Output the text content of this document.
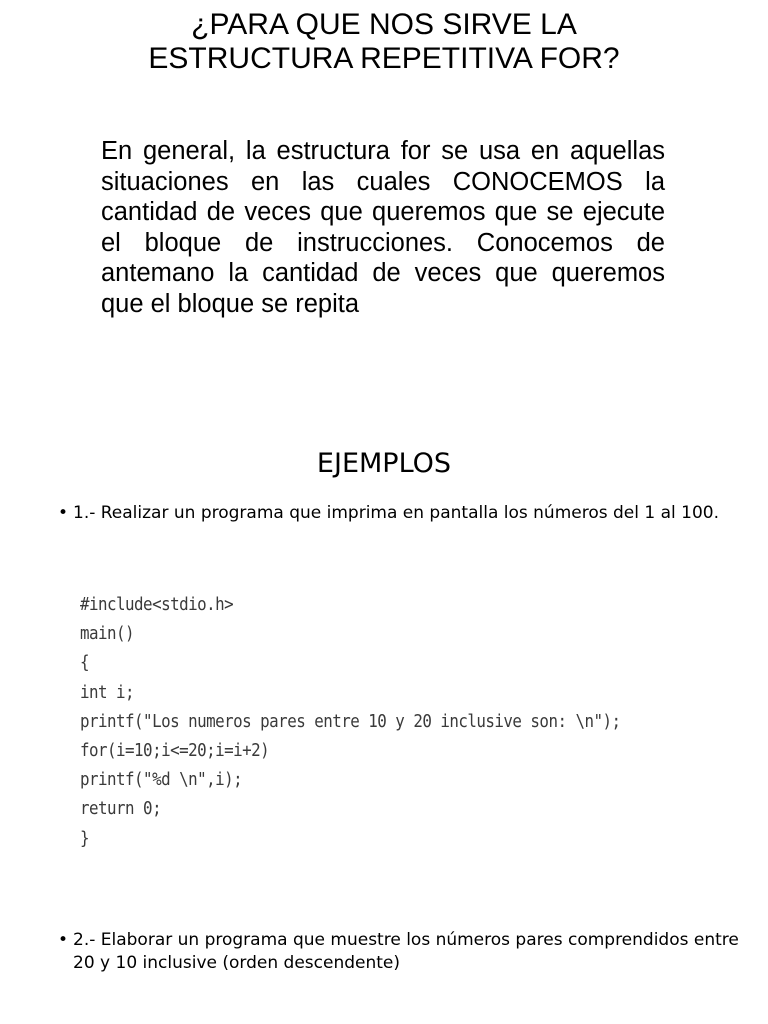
¿PARA QUE NOS SIRVE LA
ESTRUCTURA REPETITIVA FOR?

En general, la estructura for se usa en aquellas situaciones en las cuales CONOCEMOS la cantidad de veces que queremos que se ejecute el bloque de instrucciones. Conocemos de antemano la cantidad de veces que queremos que el bloque se repita

EJEMPLOS

• 1.- Realizar un programa que imprima en pantalla los números del 1 al 100.

#include<stdio.h>
main()
{
int i;
printf("Los numeros pares entre 10 y 20 inclusive son: \n");
for(i=10;i<=20;i=i+2)
printf("%d \n",i);
return 0;
}

• 2.- Elaborar un programa que muestre los números pares comprendidos entre 20 y 10 inclusive (orden descendente)
